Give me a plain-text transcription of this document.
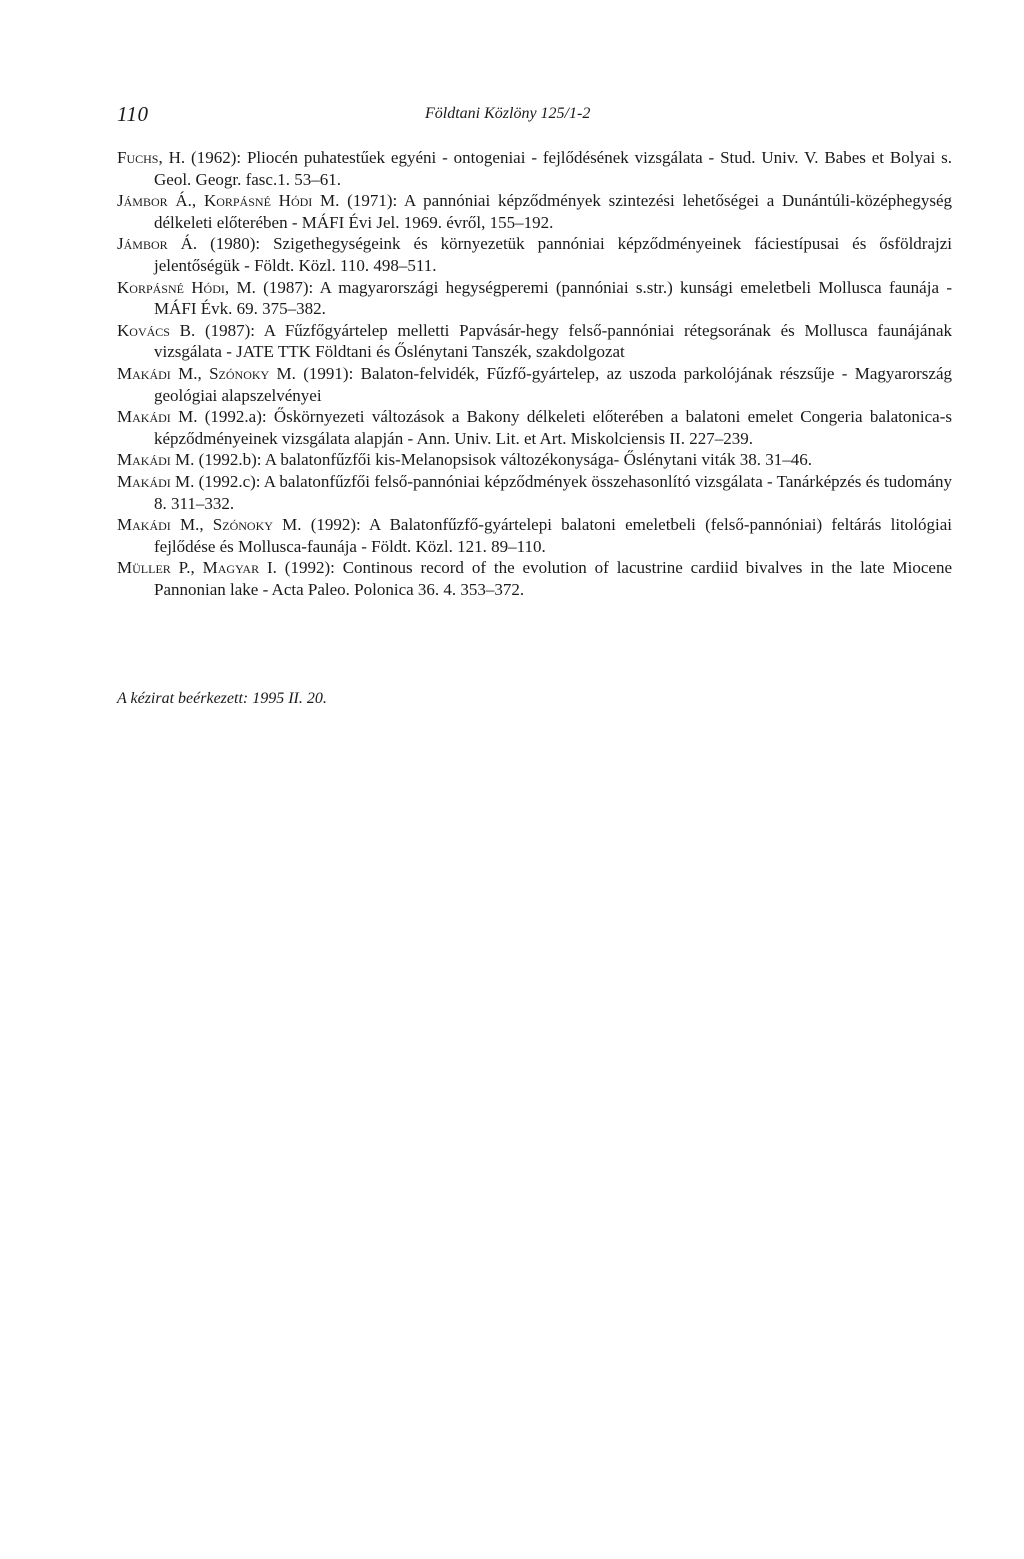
110	Földtani Közlöny 125/1-2
Fuchs, H. (1962): Pliocén puhatestűek egyéni - ontogeniai - fejlődésének vizsgálata - Stud. Univ. V. Babes et Bolyai s. Geol. Geogr. fasc.1. 53–61.
Jámbor Á., Korpásné Hódi M. (1971): A pannóniai képződmények szintezési lehetőségei a Dunántúli-középhegység délkeleti előterében - MÁFI Évi Jel. 1969. évről, 155–192.
Jámbor Á. (1980): Szigethegységeink és környezetük pannóniai képződményeinek fáciestípusai és ősföldrajzi jelentőségük - Földt. Közl. 110. 498–511.
Korpásné Hódi, M. (1987): A magyarországi hegységperemi (pannóniai s.str.) kunsági emeletbeli Mollusca faunája - MÁFI Évk. 69. 375–382.
Kovács B. (1987): A Fűzfőgyártelep melletti Papvásár-hegy felső-pannóniai rétegsorának és Mollusca faunájának vizsgálata - JATE TTK Földtani és Őslénytani Tanszék, szakdolgozat
Makádi M., Szónoky M. (1991): Balaton-felvidék, Fűzfő-gyártelep, az uszoda parkolójának részsűje - Magyarország geológiai alapszelvényei
Makádi M. (1992.a): Őskörnyezeti változások a Bakony délkeleti előterében a balatoni emelet Congeria balatonica-s képződményeinek vizsgálata alapján - Ann. Univ. Lit. et Art. Miskolciensis II. 227–239.
Makádi M. (1992.b): A balatonfűzfői kis-Melanopsisok változékonysága- Őslénytani viták 38. 31–46.
Makádi M. (1992.c): A balatonfűzfői felső-pannóniai képződmények összehasonlító vizsgálata - Tanárképzés és tudomány 8. 311–332.
Makádi M., Szónoky M. (1992): A Balatonfűzfő-gyártelepi balatoni emeletbeli (felső-pannóniai) feltárás litológiai fejlődése és Mollusca-faunája - Földt. Közl. 121. 89–110.
Müller P., Magyar I. (1992): Continous record of the evolution of lacustrine cardiid bivalves in the late Miocene Pannonian lake - Acta Paleo. Polonica 36. 4. 353–372.
A kézirat beérkezett: 1995 II. 20.
